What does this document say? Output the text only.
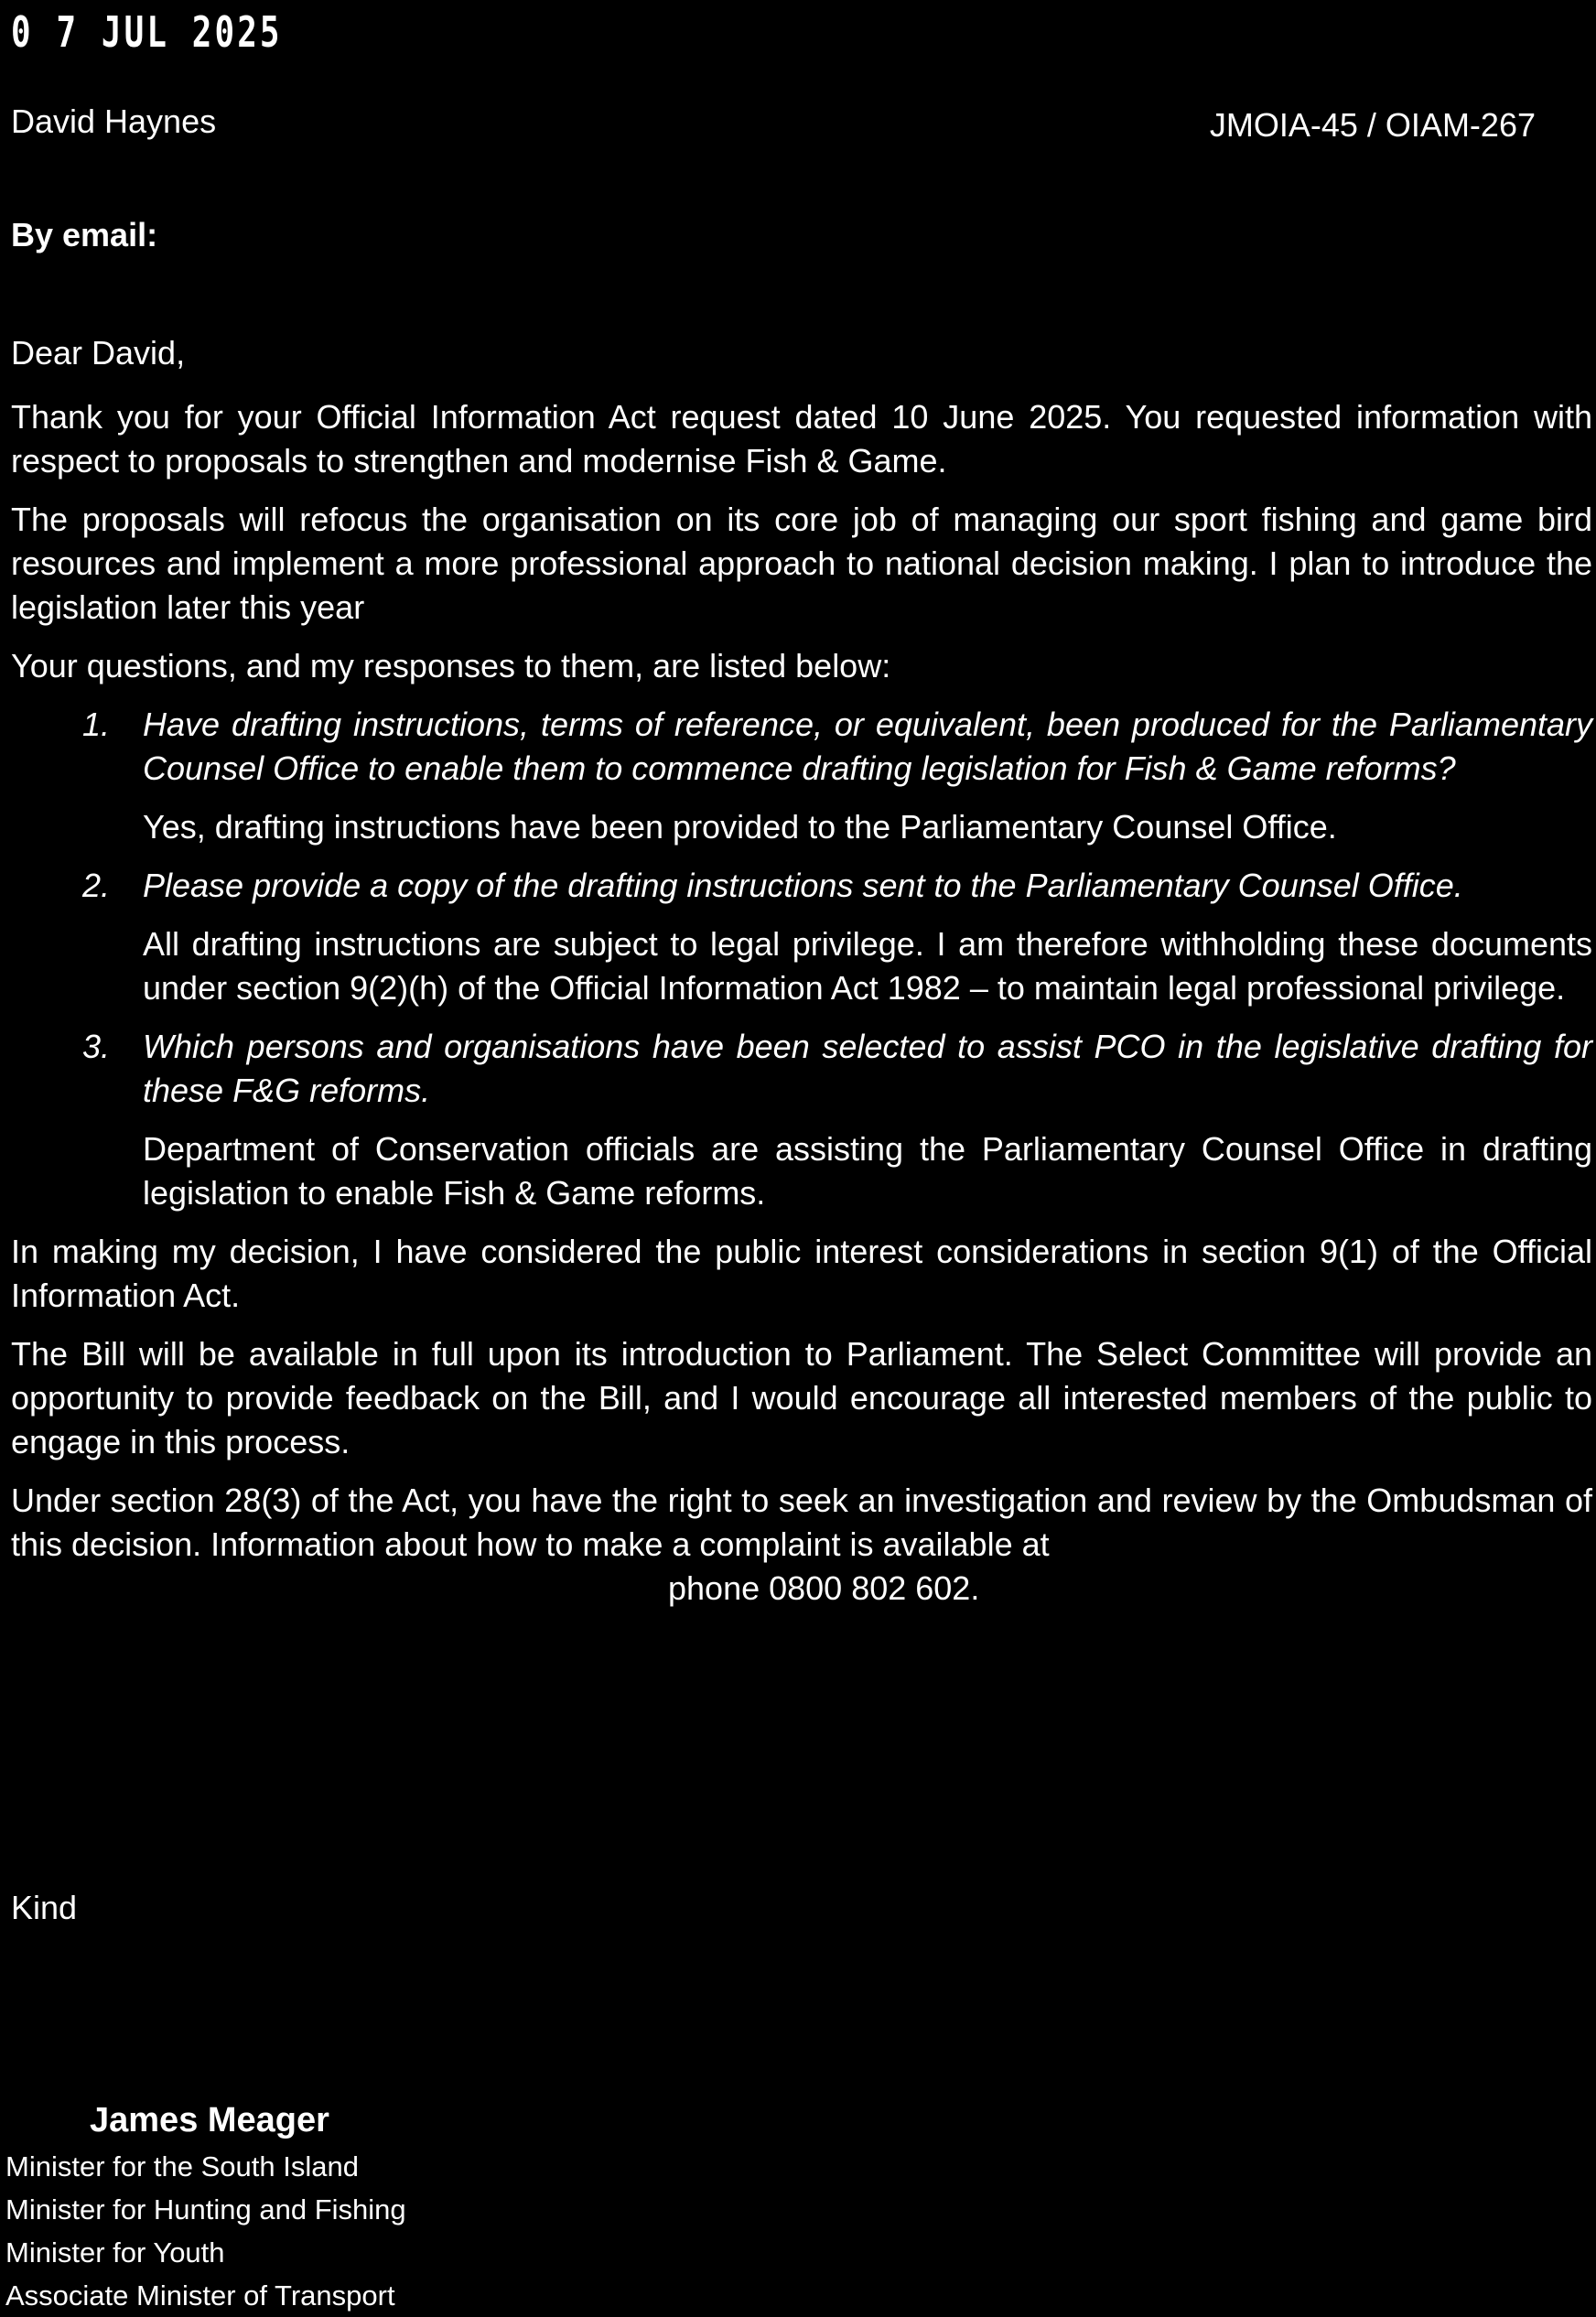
0 7 JUL 2025
David Haynes	JMOIA-45 / OIAM-267
By email:

Dear David,

Thank you for your Official Information Act request dated 10 June 2025. You requested information with respect to proposals to strengthen and modernise Fish & Game.

The proposals will refocus the organisation on its core job of managing our sport fishing and game bird resources and implement a more professional approach to national decision making. I plan to introduce the legislation later this year

Your questions, and my responses to them, are listed below:

1. Have drafting instructions, terms of reference, or equivalent, been produced for the Parliamentary Counsel Office to enable them to commence drafting legislation for Fish & Game reforms?

Yes, drafting instructions have been provided to the Parliamentary Counsel Office.

2. Please provide a copy of the drafting instructions sent to the Parliamentary Counsel Office.

All drafting instructions are subject to legal privilege. I am therefore withholding these documents under section 9(2)(h) of the Official Information Act 1982 – to maintain legal professional privilege.

3. Which persons and organisations have been selected to assist PCO in the legislative drafting for these F&G reforms.

Department of Conservation officials are assisting the Parliamentary Counsel Office in drafting legislation to enable Fish & Game reforms.

In making my decision, I have considered the public interest considerations in section 9(1) of the Official Information Act.

The Bill will be available in full upon its introduction to Parliament. The Select Committee will provide an opportunity to provide feedback on the Bill, and I would encourage all interested members of the public to engage in this process.

Under section 28(3) of the Act, you have the right to seek an investigation and review by the Ombudsman of this decision. Information about how to make a complaint is available at

phone 0800 802 602.

Kind
James Meager
Minister for the South Island
Minister for Hunting and Fishing
Minister for Youth
Associate Minister of Transport
